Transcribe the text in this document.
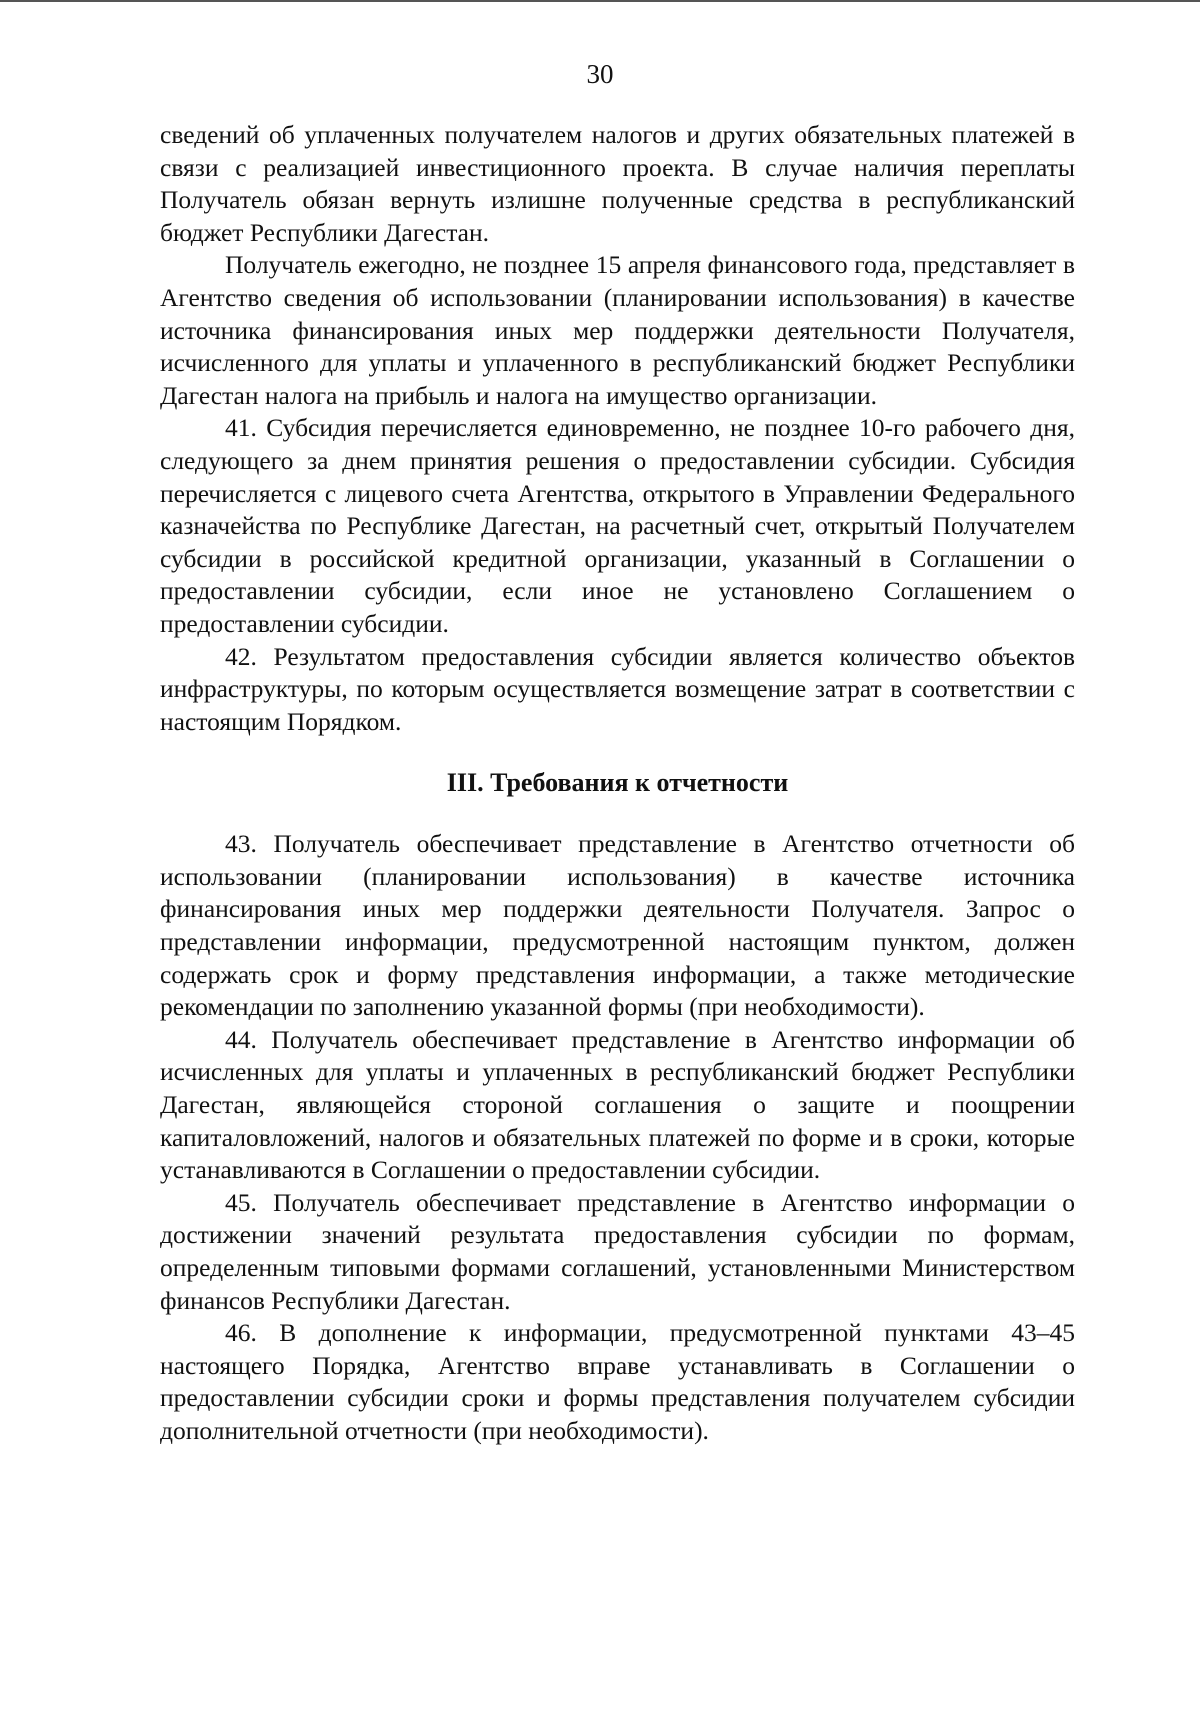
30

сведений об уплаченных получателем налогов и других обязательных платежей в связи с реализацией инвестиционного проекта. В случае наличия переплаты Получатель обязан вернуть излишне полученные средства в республиканский бюджет Республики Дагестан.

Получатель ежегодно, не позднее 15 апреля финансового года, представляет в Агентство сведения об использовании (планировании использования) в качестве источника финансирования иных мер поддержки деятельности Получателя, исчисленного для уплаты и уплаченного в республиканский бюджет Республики Дагестан налога на прибыль и налога на имущество организации.

41. Субсидия перечисляется единовременно, не позднее 10-го рабочего дня, следующего за днем принятия решения о предоставлении субсидии. Субсидия перечисляется с лицевого счета Агентства, открытого в Управлении Федерального казначейства по Республике Дагестан, на расчетный счет, открытый Получателем субсидии в российской кредитной организации, указанный в Соглашении о предоставлении субсидии, если иное не установлено Соглашением о предоставлении субсидии.

42. Результатом предоставления субсидии является количество объектов инфраструктуры, по которым осуществляется возмещение затрат в соответствии с настоящим Порядком.

III. Требования к отчетности

43. Получатель обеспечивает представление в Агентство отчетности об использовании (планировании использования) в качестве источника финансирования иных мер поддержки деятельности Получателя. Запрос о представлении информации, предусмотренной настоящим пунктом, должен содержать срок и форму представления информации, а также методические рекомендации по заполнению указанной формы (при необходимости).

44. Получатель обеспечивает представление в Агентство информации об исчисленных для уплаты и уплаченных в республиканский бюджет Республики Дагестан, являющейся стороной соглашения о защите и поощрении капиталовложений, налогов и обязательных платежей по форме и в сроки, которые устанавливаются в Соглашении о предоставлении субсидии.

45. Получатель обеспечивает представление в Агентство информации о достижении значений результата предоставления субсидии по формам, определенным типовыми формами соглашений, установленными Министерством финансов Республики Дагестан.

46. В дополнение к информации, предусмотренной пунктами 43–45 настоящего Порядка, Агентство вправе устанавливать в Соглашении о предоставлении субсидии сроки и формы представления получателем субсидии дополнительной отчетности (при необходимости).
